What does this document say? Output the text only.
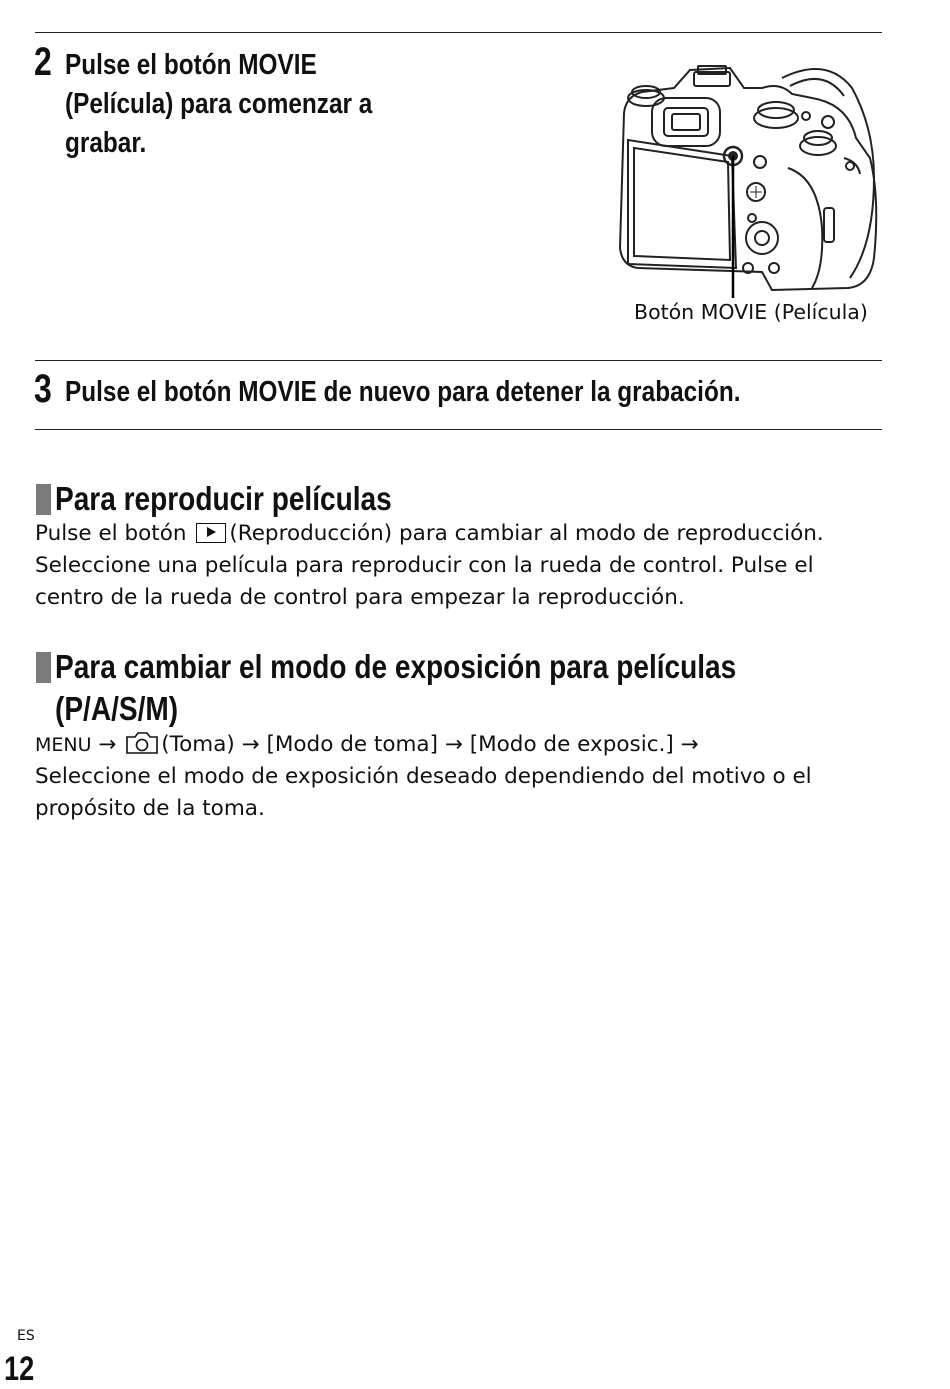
2 Pulse el botón MOVIE
(Película) para comenzar a
grabar.
Botón MOVIE (Película)
3 Pulse el botón MOVIE de nuevo para detener la grabación.
Para reproducir películas
Pulse el botón (Reproducción) para cambiar al modo de reproducción.
Seleccione una película para reproducir con la rueda de control. Pulse el
centro de la rueda de control para empezar la reproducción.
Para cambiar el modo de exposición para películas
(P/A/S/M)
MENU → (Toma) → [Modo de toma] → [Modo de exposic.] →
Seleccione el modo de exposición deseado dependiendo del motivo o el
propósito de la toma.
ES
12
